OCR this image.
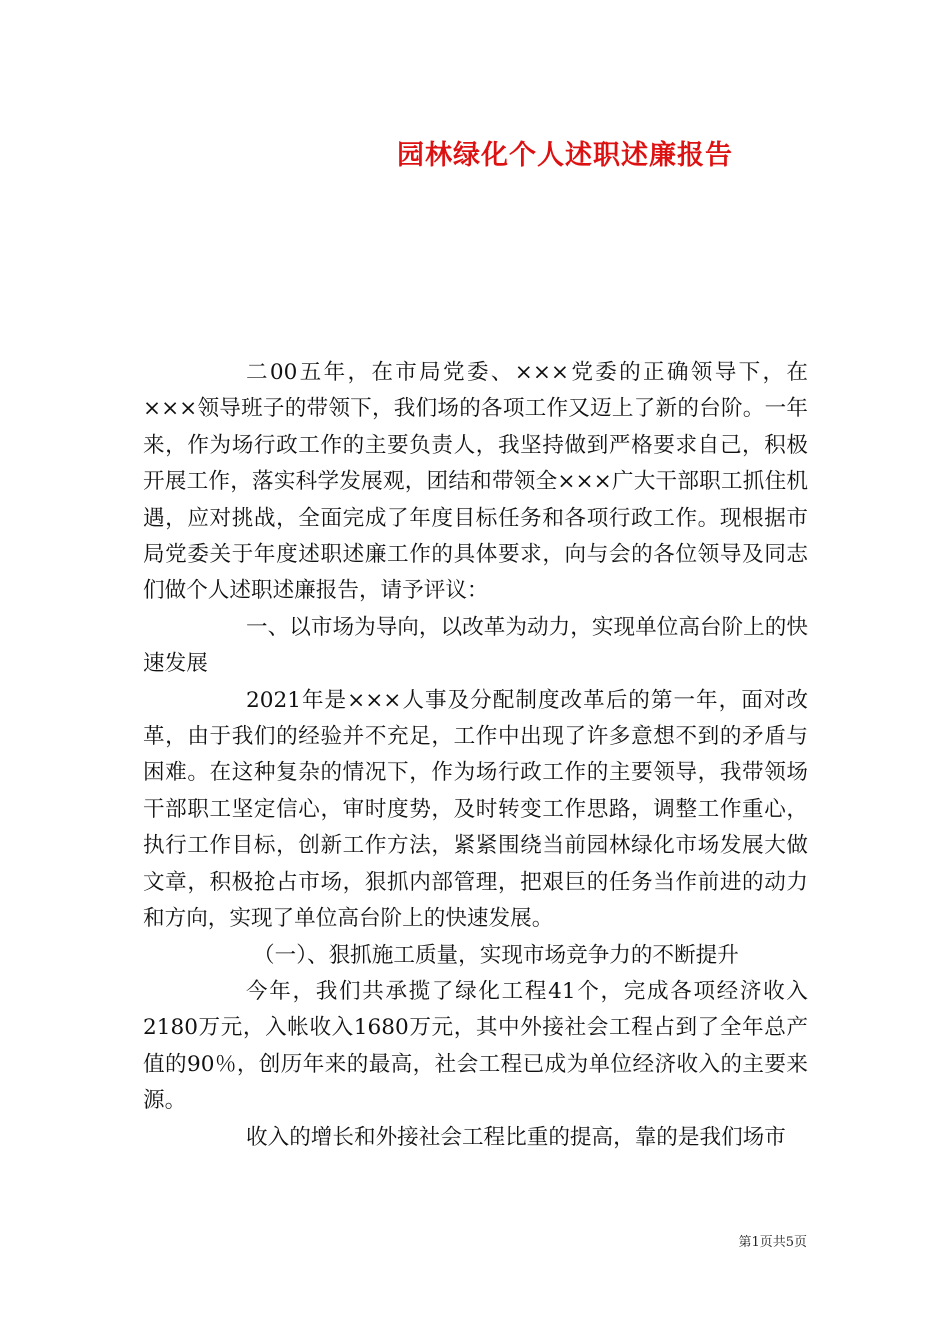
园林绿化个人述职述廉报告

二00五年，在市局党委、×××党委的正确领导下，在×××领导班子的带领下，我们场的各项工作又迈上了新的台阶。一年来，作为场行政工作的主要负责人，我坚持做到严格要求自己，积极开展工作，落实科学发展观，团结和带领全×××广大干部职工抓住机遇，应对挑战，全面完成了年度目标任务和各项行政工作。现根据市局党委关于年度述职述廉工作的具体要求，向与会的各位领导及同志们做个人述职述廉报告，请予评议：

一、以市场为导向，以改革为动力，实现单位高台阶上的快速发展

2021年是×××人事及分配制度改革后的第一年，面对改革，由于我们的经验并不充足，工作中出现了许多意想不到的矛盾与困难。在这种复杂的情况下，作为场行政工作的主要领导，我带领场干部职工坚定信心，审时度势，及时转变工作思路，调整工作重心，执行工作目标，创新工作方法，紧紧围绕当前园林绿化市场发展大做文章，积极抢占市场，狠抓内部管理，把艰巨的任务当作前进的动力和方向，实现了单位高台阶上的快速发展。

（一）、狠抓施工质量，实现市场竞争力的不断提升

今年，我们共承揽了绿化工程41个，完成各项经济收入2180万元，入帐收入1680万元，其中外接社会工程占到了全年总产值的90％，创历年来的最高，社会工程已成为单位经济收入的主要来源。

收入的增长和外接社会工程比重的提高，靠的是我们场市

第1页共5页
